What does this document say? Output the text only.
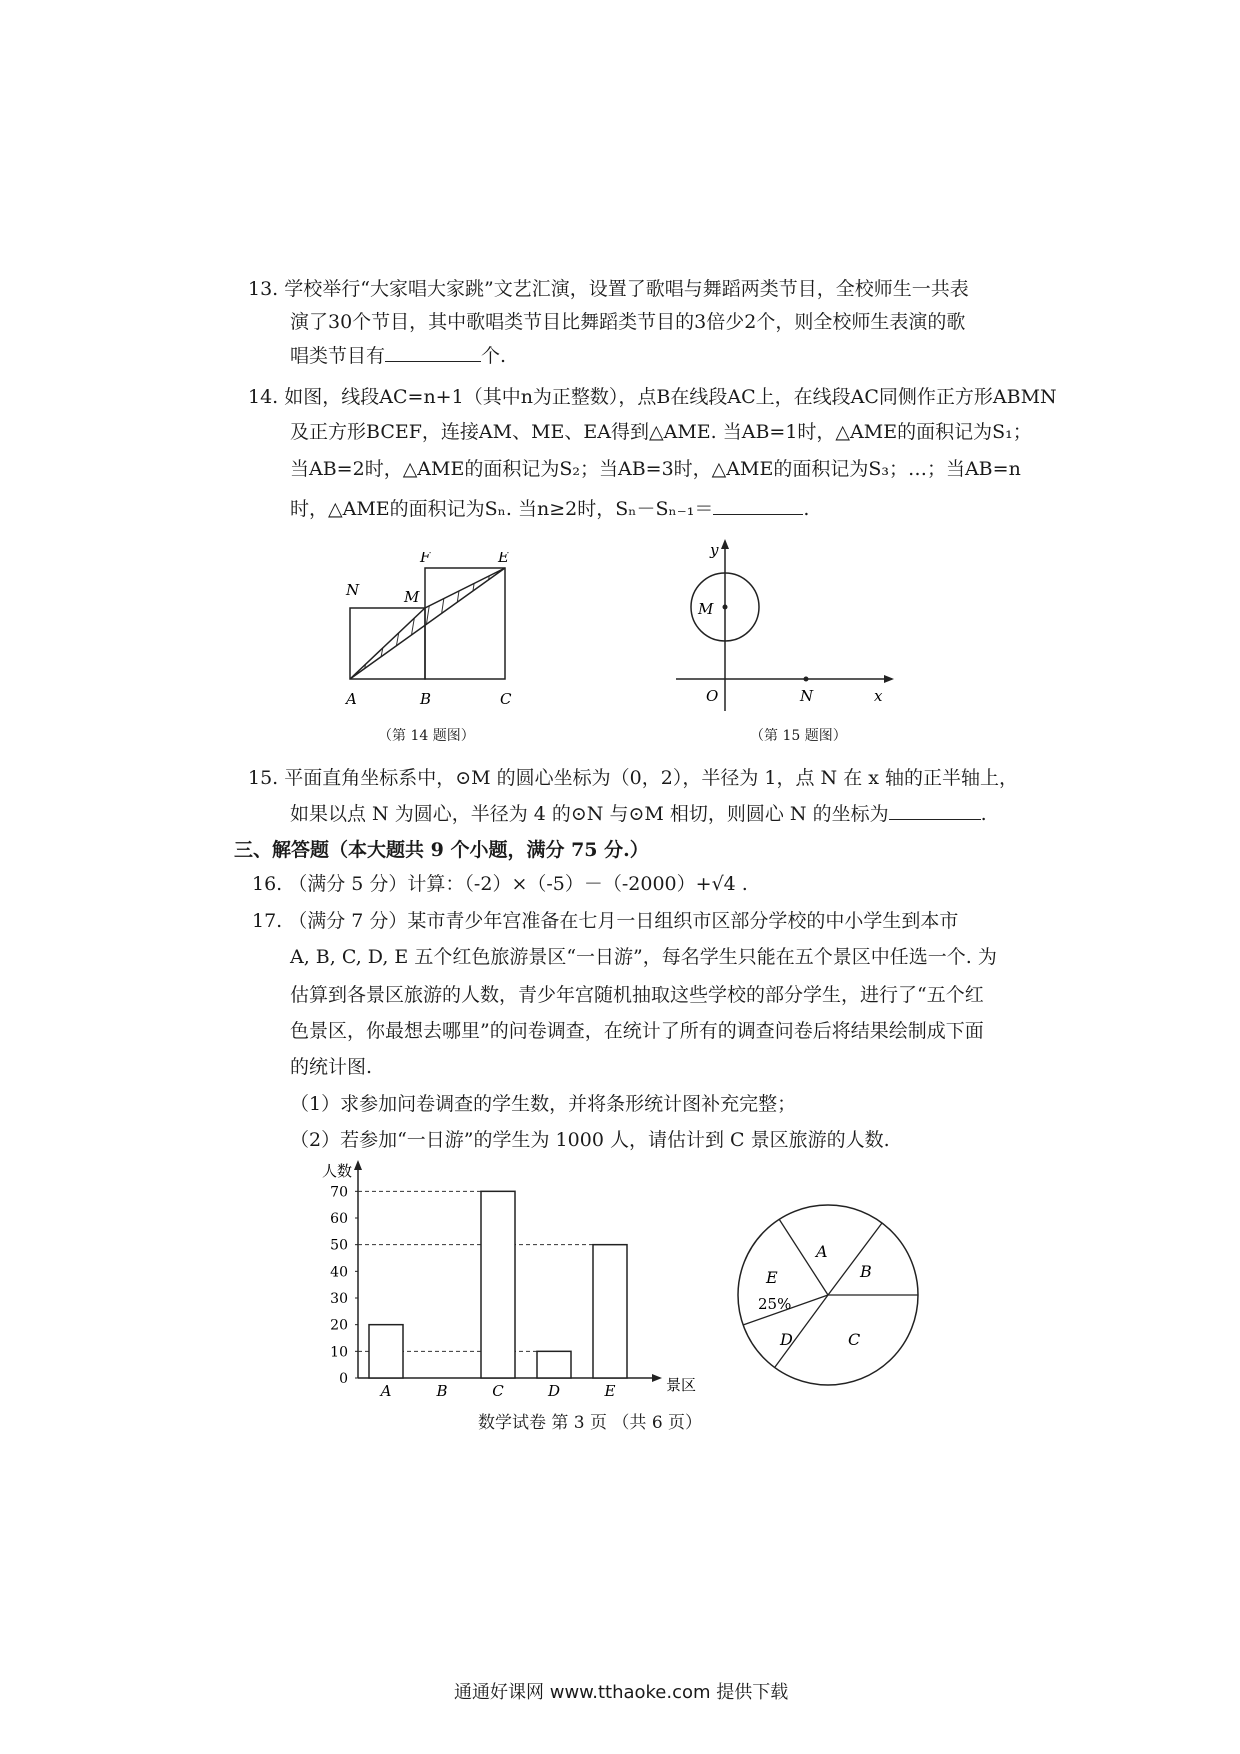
13. 学校举行“大家唱大家跳”文艺汇演，设置了歌唱与舞蹈两类节目，全校师生一共表
演了30个节目，其中歌唱类节目比舞蹈类节目的3倍少2个，则全校师生表演的歌
唱类节目有	个.
14. 如图，线段AC=n+1（其中n为正整数），点B在线段AC上，在线段AC同侧作正方形ABMN
及正方形BCEF，连接AM、ME、EA得到△AME. 当AB=1时，△AME的面积记为S₁；
当AB=2时，△AME的面积记为S₂；当AB=3时，△AME的面积记为S₃；…；当AB=n
时，△AME的面积记为Sₙ. 当n≥2时，Sₙ－Sₙ₋₁＝	.
N	M
F	E
A	B	C
（第 14 题图）
y
M
O	N	x
（第 15 题图）
15. 平面直角坐标系中，⊙M 的圆心坐标为（0，2），半径为 1，点 N 在 x 轴的正半轴上，
如果以点 N 为圆心，半径为 4 的⊙N 与⊙M 相切，则圆心 N 的坐标为	.
三、解答题（本大题共 9 个小题，满分 75 分.）
16. （满分 5 分）计算：（-2）×（-5）－（-2000）+√4 .
17. （满分 7 分）某市青少年宫准备在七月一日组织市区部分学校的中小学生到本市
A, B, C, D, E 五个红色旅游景区“一日游”，每名学生只能在五个景区中任选一个. 为
估算到各景区旅游的人数，青少年宫随机抽取这些学校的部分学生，进行了“五个红
色景区，你最想去哪里”的问卷调查，在统计了所有的调查问卷后将结果绘制成下面
的统计图.
（1）求参加问卷调查的学生数，并将条形统计图补充完整；
（2）若参加“一日游”的学生为 1000 人，请估计到 C 景区旅游的人数.
0
10
20
30
40
50
60
70
A	B	C	D	E
人数
景区
A
B
C
D
E
25%
数学试卷 第 3 页 （共 6 页）
通通好课网 www.tthaoke.com 提供下载
